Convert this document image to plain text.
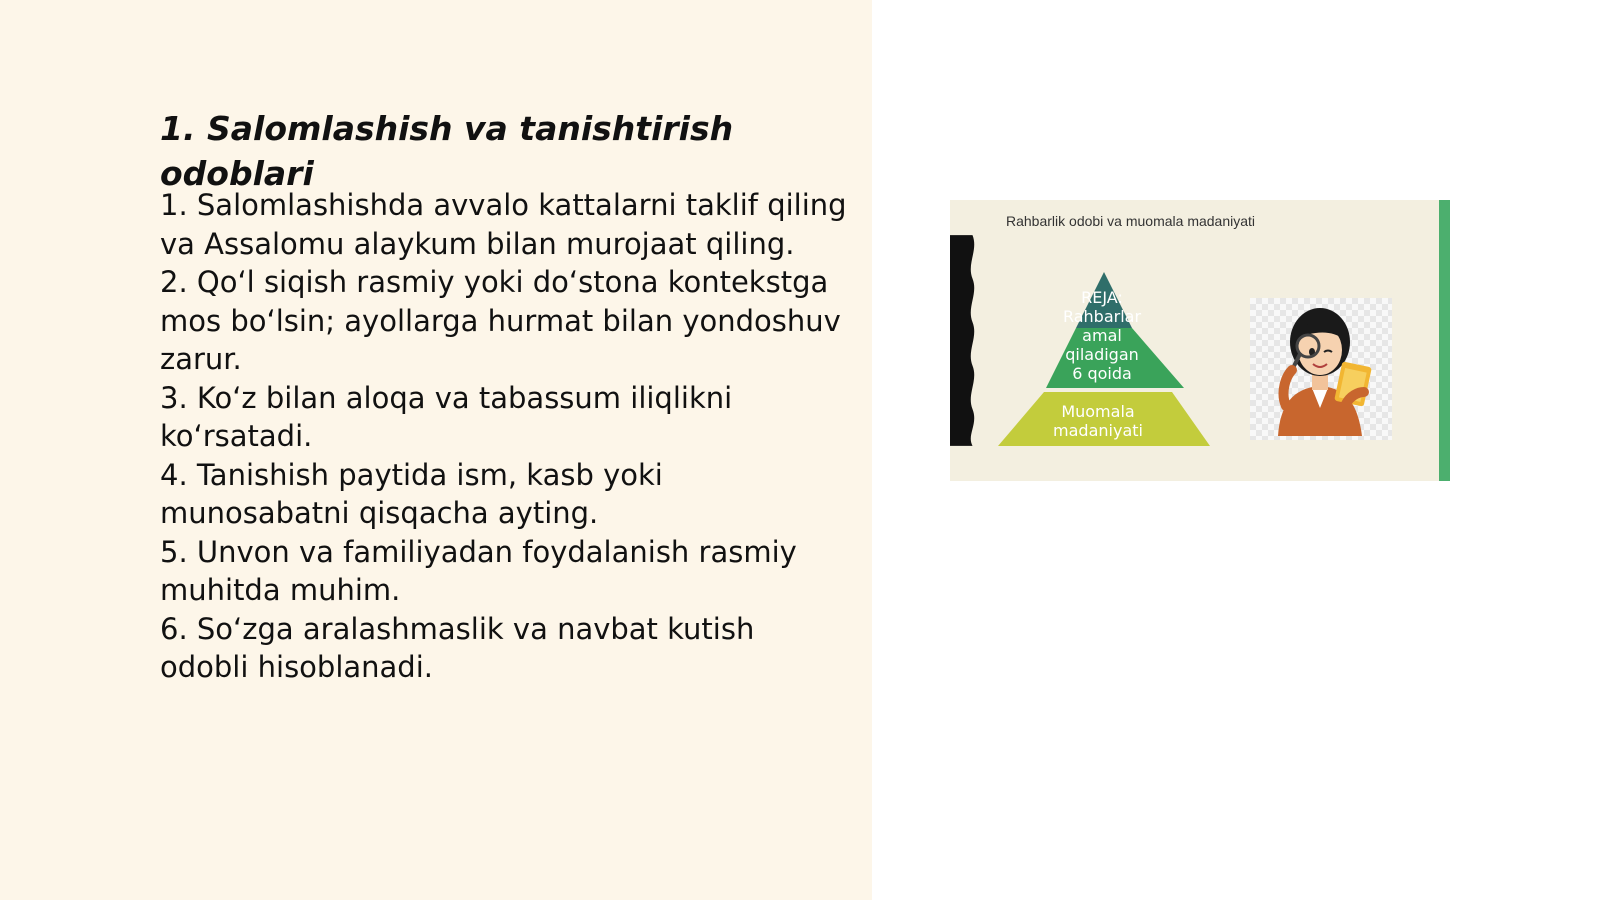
1. Salomlashish va tanishtirish odoblari
1. Salomlashishda avvalo kattalarni taklif qiling va Assalomu alaykum bilan murojaat qiling.
2. Qo‘l siqish rasmiy yoki do‘stona kontekstga mos bo‘lsin; ayollarga hurmat bilan yondoshuv zarur.
3. Ko‘z bilan aloqa va tabassum iliqlikni ko‘rsatadi.
4. Tanishish paytida ism, kasb yoki munosabatni qisqacha ayting.
5. Unvon va familiyadan foydalanish rasmiy muhitda muhim.
6. So‘zga aralashmaslik va navbat kutish odobli hisoblanadi.
Rahbarlik odobi va muomala madaniyati
REJA: Rahbarlar amal qiladigan 6 qoida
Muomala madaniyati
